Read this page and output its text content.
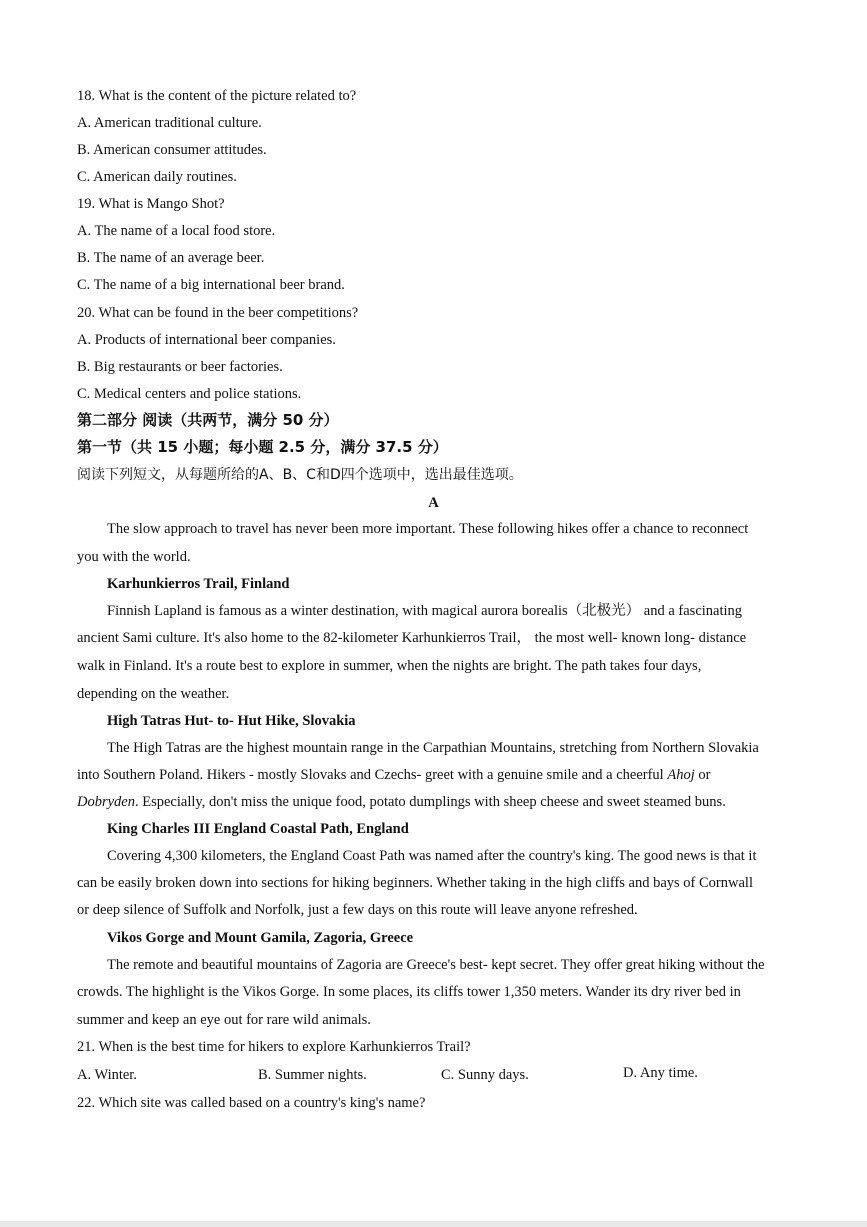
18. What is the content of the picture related to?
A. American traditional culture.
B. American consumer attitudes.
C. American daily routines.
19. What is Mango Shot?
A. The name of a local food store.
B. The name of an average beer.
C. The name of a big international beer brand.
20. What can be found in the beer competitions?
A. Products of international beer companies.
B. Big restaurants or beer factories.
C. Medical centers and police stations.
第二部分 阅读（共两节，满分 50 分）
第一节（共 15 小题；每小题 2.5 分，满分 37.5 分）
阅读下列短文，从每题所给的A、B、C和D四个选项中，选出最佳选项。
A
The slow approach to travel has never been more important. These following hikes offer a chance to reconnect
you with the world.
Karhunkierros Trail, Finland
Finnish Lapland is famous as a winter destination, with magical aurora borealis（北极光） and a fascinating
ancient Sami culture. It's also home to the 82-kilometer Karhunkierros Trail， the most well- known long- distance
walk in Finland. It's a route best to explore in summer, when the nights are bright. The path takes four days,
depending on the weather.
High Tatras Hut- to- Hut Hike, Slovakia
The High Tatras are the highest mountain range in the Carpathian Mountains, stretching from Northern Slovakia
into Southern Poland. Hikers - mostly Slovaks and Czechs- greet with a genuine smile and a cheerful Ahoj or
Dobryden. Especially, don't miss the unique food, potato dumplings with sheep cheese and sweet steamed buns.
King Charles III England Coastal Path, England
Covering 4,300 kilometers, the England Coast Path was named after the country's king. The good news is that it
can be easily broken down into sections for hiking beginners. Whether taking in the high cliffs and bays of Cornwall
or deep silence of Suffolk and Norfolk, just a few days on this route will leave anyone refreshed.
Vikos Gorge and Mount Gamila, Zagoria, Greece
The remote and beautiful mountains of Zagoria are Greece's best- kept secret. They offer great hiking without the
crowds. The highlight is the Vikos Gorge. In some places, its cliffs tower 1,350 meters. Wander its dry river bed in
summer and keep an eye out for rare wild animals.
21. When is the best time for hikers to explore Karhunkierros Trail?
A. Winter.	B. Summer nights.	C. Sunny days.	D. Any time.
22. Which site was called based on a country's king's name?
